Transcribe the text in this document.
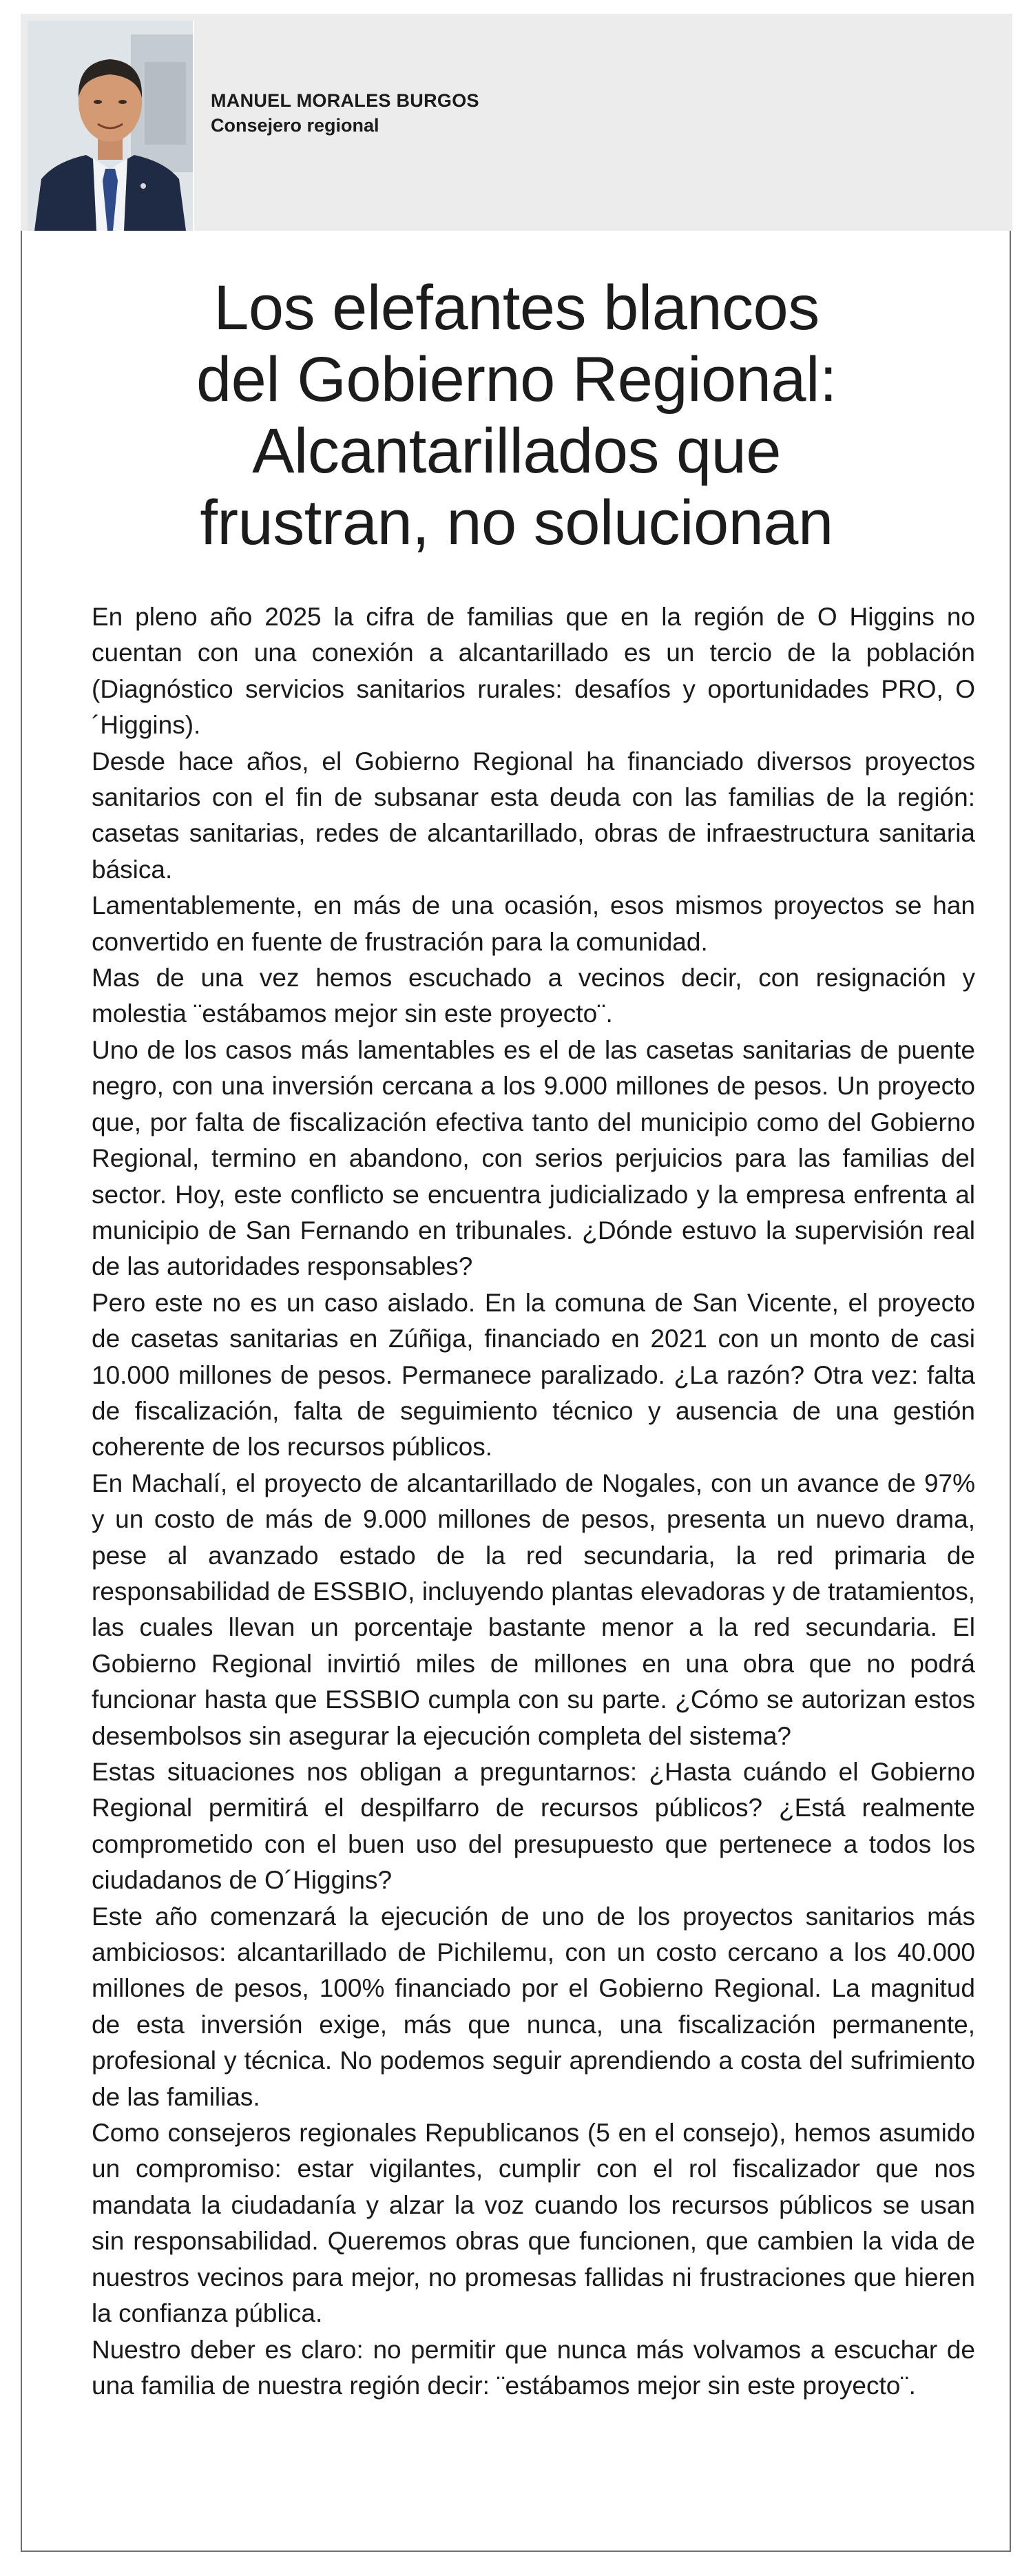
MANUEL MORALES BURGOS
Consejero regional
Los elefantes blancos
del Gobierno Regional:
Alcantarillados que
frustran, no solucionan

En pleno año 2025 la cifra de familias que en la región de O Higgins no cuentan con una conexión a alcantarillado es un tercio de la población (Diagnóstico servicios sanitarios rurales: desafíos y oportunidades PRO, O´Higgins).

Desde hace años, el Gobierno Regional ha financiado diversos proyectos sanitarios con el fin de subsanar esta deuda con las familias de la región: casetas sanitarias, redes de alcantarillado, obras de infraestructura sanitaria básica.

Lamentablemente, en más de una ocasión, esos mismos proyectos se han convertido en fuente de frustración para la comunidad.

Mas de una vez hemos escuchado a vecinos decir, con resignación y molestia ¨estábamos mejor sin este proyecto¨.

Uno de los casos más lamentables es el de las casetas sanitarias de puente negro, con una inversión cercana a los 9.000 millones de pesos. Un proyecto que, por falta de fiscalización efectiva tanto del municipio como del Gobierno Regional, termino en abandono, con serios perjuicios para las familias del sector. Hoy, este conflicto se encuentra judicializado y la empresa enfrenta al municipio de San Fernando en tribunales. ¿Dónde estuvo la supervisión real de las autoridades responsables?

Pero este no es un caso aislado. En la comuna de San Vicente, el proyecto de casetas sanitarias en Zúñiga, financiado en 2021 con un monto de casi 10.000 millones de pesos. Permanece paralizado. ¿La razón? Otra vez: falta de fiscalización, falta de seguimiento técnico y ausencia de una gestión coherente de los recursos públicos.

En Machalí, el proyecto de alcantarillado de Nogales, con un avance de 97% y un costo de más de 9.000 millones de pesos, presenta un nuevo drama, pese al avanzado estado de la red secundaria, la red primaria de responsabilidad de ESSBIO, incluyendo plantas elevadoras y de tratamientos, las cuales llevan un porcentaje bastante menor a la red secundaria. El Gobierno Regional invirtió miles de millones en una obra que no podrá funcionar hasta que ESSBIO cumpla con su parte. ¿Cómo se autorizan estos desembolsos sin asegurar la ejecución completa del sistema?

Estas situaciones nos obligan a preguntarnos: ¿Hasta cuándo el Gobierno Regional permitirá el despilfarro de recursos públicos? ¿Está realmente comprometido con el buen uso del presupuesto que pertenece a todos los ciudadanos de O´Higgins?

Este año comenzará la ejecución de uno de los proyectos sanitarios más ambiciosos: alcantarillado de Pichilemu, con un costo cercano a los 40.000 millones de pesos, 100% financiado por el Gobierno Regional. La magnitud de esta inversión exige, más que nunca, una fiscalización permanente, profesional y técnica. No podemos seguir aprendiendo a costa del sufrimiento de las familias.

Como consejeros regionales Republicanos (5 en el consejo), hemos asumido un compromiso: estar vigilantes, cumplir con el rol fiscalizador que nos mandata la ciudadanía y alzar la voz cuando los recursos públicos se usan sin responsabilidad. Queremos obras que funcionen, que cambien la vida de nuestros vecinos para mejor, no promesas fallidas ni frustraciones que hieren la confianza pública.

Nuestro deber es claro: no permitir que nunca más volvamos a escuchar de una familia de nuestra región decir: ¨estábamos mejor sin este proyecto¨.
